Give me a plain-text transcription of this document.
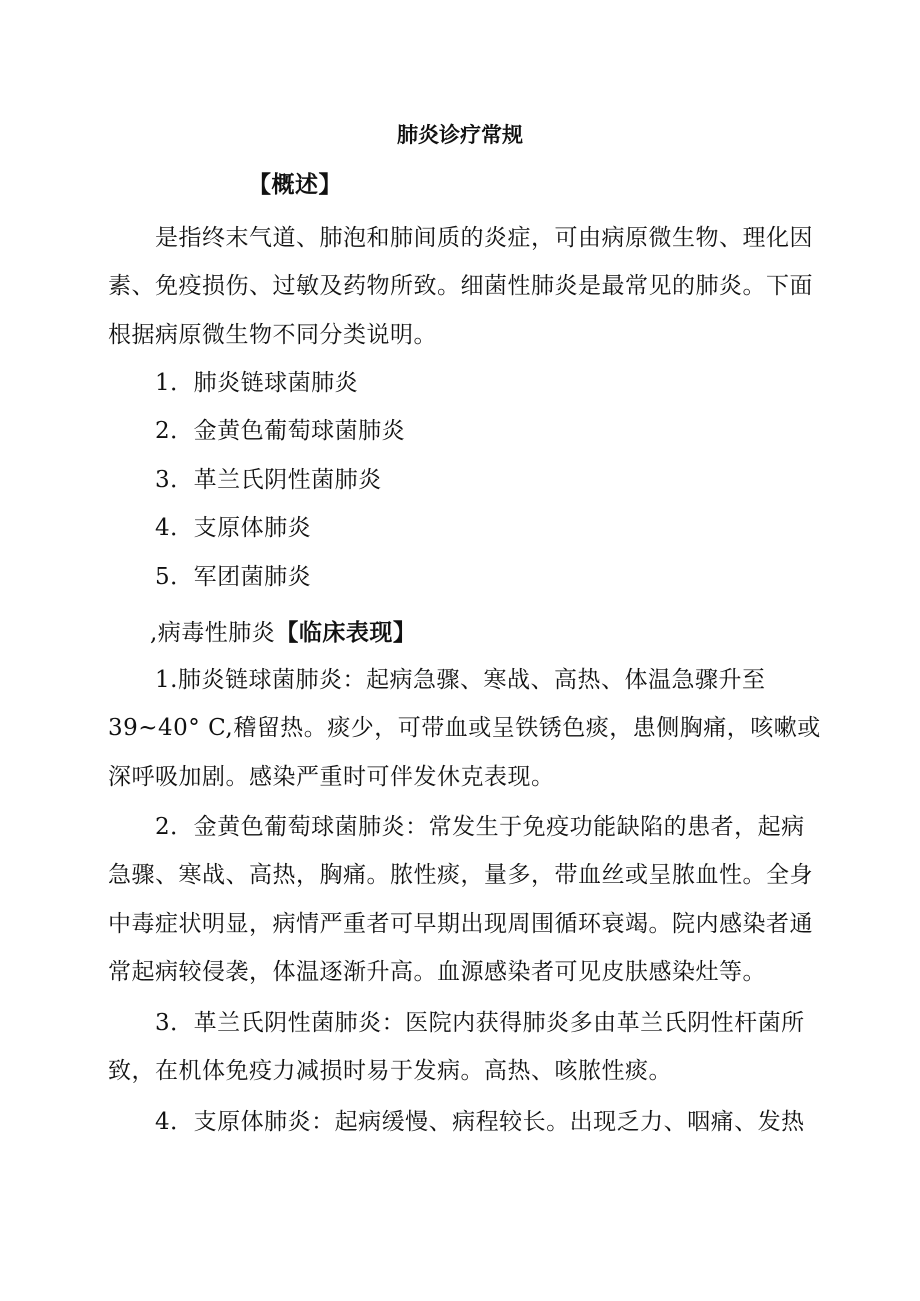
肺炎诊疗常规
【概述】
是指终末气道、肺泡和肺间质的炎症，可由病原微生物、理化因
素、免疫损伤、过敏及药物所致。细菌性肺炎是最常见的肺炎。下面
根据病原微生物不同分类说明。
1．肺炎链球菌肺炎
2．金黄色葡萄球菌肺炎
3．革兰氏阴性菌肺炎
4．支原体肺炎
5．军团菌肺炎
,病毒性肺炎【临床表现】
1.肺炎链球菌肺炎：起病急骤、寒战、高热、体温急骤升至
39~40° C,稽留热。痰少，可带血或呈铁锈色痰，患侧胸痛，咳嗽或
深呼吸加剧。感染严重时可伴发休克表现。
2．金黄色葡萄球菌肺炎：常发生于免疫功能缺陷的患者，起病
急骤、寒战、高热，胸痛。脓性痰，量多，带血丝或呈脓血性。全身
中毒症状明显，病情严重者可早期出现周围循环衰竭。院内感染者通
常起病较侵袭，体温逐渐升高。血源感染者可见皮肤感染灶等。
3．革兰氏阴性菌肺炎：医院内获得肺炎多由革兰氏阴性杆菌所
致，在机体免疫力减损时易于发病。高热、咳脓性痰。
4．支原体肺炎：起病缓慢、病程较长。出现乏力、咽痛、发热
